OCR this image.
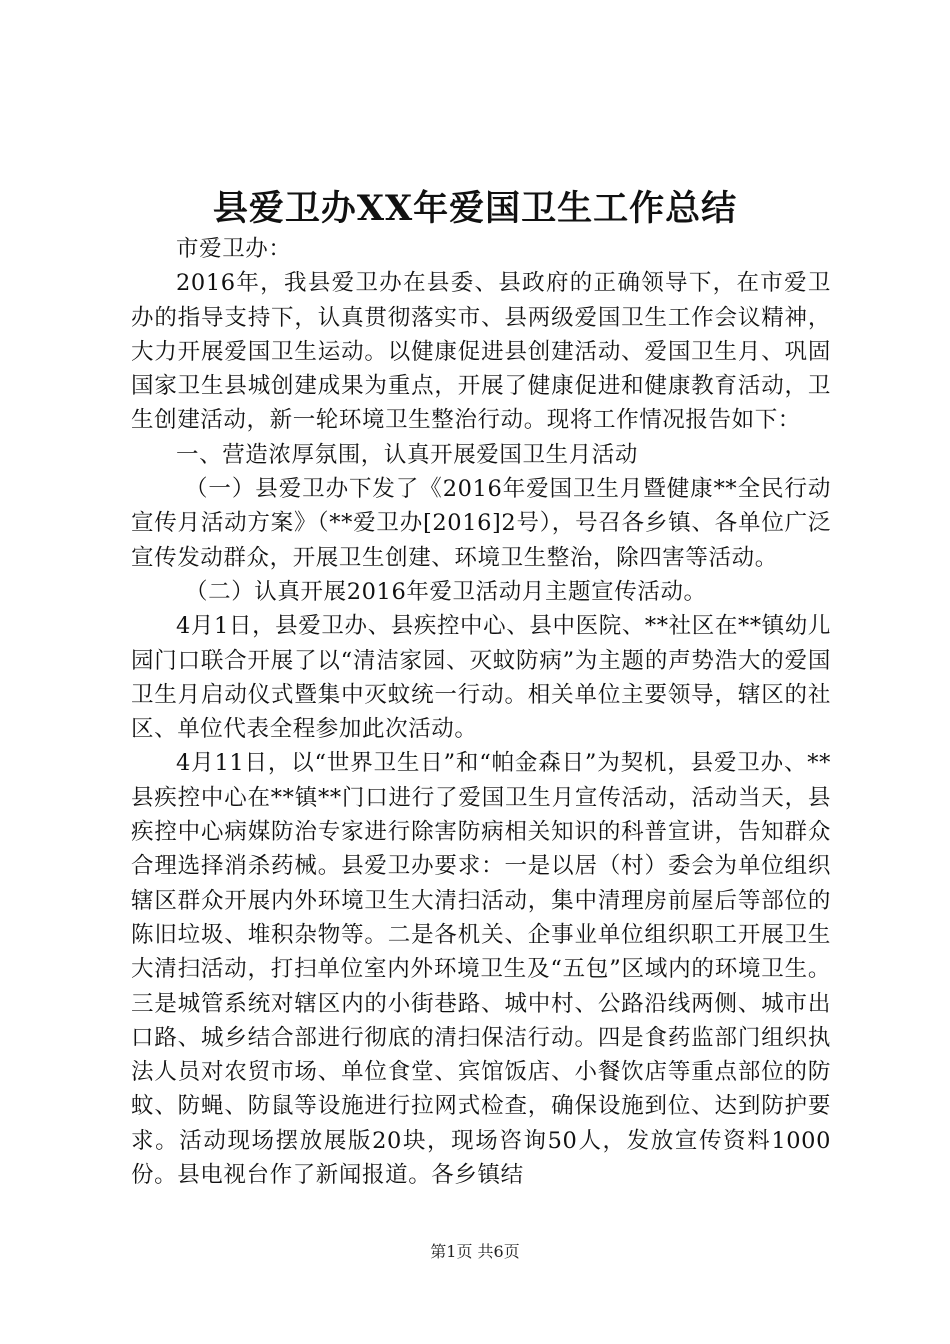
县爱卫办XX年爱国卫生工作总结

市爱卫办：

2016年，我县爱卫办在县委、县政府的正确领导下，在市爱卫办的指导支持下，认真贯彻落实市、县两级爱国卫生工作会议精神，大力开展爱国卫生运动。以健康促进县创建活动、爱国卫生月、巩固国家卫生县城创建成果为重点，开展了健康促进和健康教育活动，卫生创建活动，新一轮环境卫生整治行动。现将工作情况报告如下：

一、营造浓厚氛围，认真开展爱国卫生月活动

（一）县爱卫办下发了《2016年爱国卫生月暨健康**全民行动宣传月活动方案》（**爱卫办[2016]2号），号召各乡镇、各单位广泛宣传发动群众，开展卫生创建、环境卫生整治，除四害等活动。

（二）认真开展2016年爱卫活动月主题宣传活动。

4月1日，县爱卫办、县疾控中心、县中医院、**社区在**镇幼儿园门口联合开展了以“清洁家园、灭蚊防病”为主题的声势浩大的爱国卫生月启动仪式暨集中灭蚊统一行动。相关单位主要领导，辖区的社区、单位代表全程参加此次活动。

4月11日，以“世界卫生日”和“帕金森日”为契机，县爱卫办、**县疾控中心在**镇**门口进行了爱国卫生月宣传活动，活动当天，县疾控中心病媒防治专家进行除害防病相关知识的科普宣讲，告知群众合理选择消杀药械。县爱卫办要求：一是以居（村）委会为单位组织辖区群众开展内外环境卫生大清扫活动，集中清理房前屋后等部位的陈旧垃圾、堆积杂物等。二是各机关、企事业单位组织职工开展卫生大清扫活动，打扫单位室内外环境卫生及“五包”区域内的环境卫生。三是城管系统对辖区内的小街巷路、城中村、公路沿线两侧、城市出口路、城乡结合部进行彻底的清扫保洁行动。四是食药监部门组织执法人员对农贸市场、单位食堂、宾馆饭店、小餐饮店等重点部位的防蚊、防蝇、防鼠等设施进行拉网式检查，确保设施到位、达到防护要求。活动现场摆放展版20块，现场咨询50人，发放宣传资料1000份。县电视台作了新闻报道。各乡镇结

第1页 共6页
